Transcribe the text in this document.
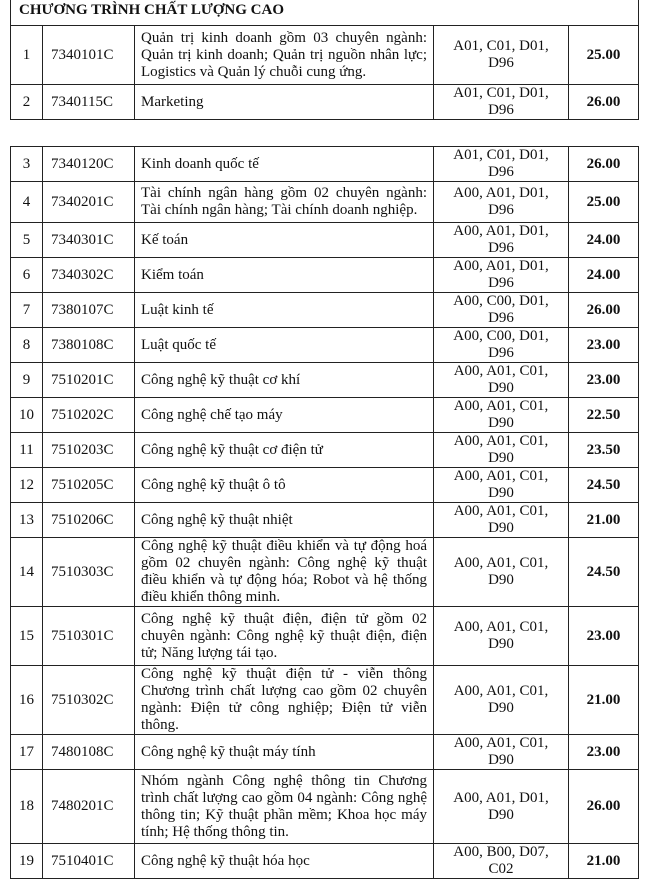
CHƯƠNG TRÌNH CHẤT LƯỢNG CAO				
1	7340101C	Quản trị kinh doanh gồm 03 chuyên ngành: Quản trị kinh doanh; Quản trị nguồn nhân lực; Logistics và Quản lý chuỗi cung ứng.	A01, C01, D01, D96	25.00
2	7340115C	Marketing	A01, C01, D01, D96	26.00
3	7340120C	Kinh doanh quốc tế	A01, C01, D01, D96	26.00
4	7340201C	Tài chính ngân hàng gồm 02 chuyên ngành: Tài chính ngân hàng; Tài chính doanh nghiệp.	A00, A01, D01, D96	25.00
5	7340301C	Kế toán	A00, A01, D01, D96	24.00
6	7340302C	Kiểm toán	A00, A01, D01, D96	24.00
7	7380107C	Luật kinh tế	A00, C00, D01, D96	26.00
8	7380108C	Luật quốc tế	A00, C00, D01, D96	23.00
9	7510201C	Công nghệ kỹ thuật cơ khí	A00, A01, C01, D90	23.00
10	7510202C	Công nghệ chế tạo máy	A00, A01, C01, D90	22.50
11	7510203C	Công nghệ kỹ thuật cơ điện tử	A00, A01, C01, D90	23.50
12	7510205C	Công nghệ kỹ thuật ô tô	A00, A01, C01, D90	24.50
13	7510206C	Công nghệ kỹ thuật nhiệt	A00, A01, C01, D90	21.00
14	7510303C	Công nghệ kỹ thuật điều khiển và tự động hoá gồm 02 chuyên ngành: Công nghệ kỹ thuật điều khiển và tự động hóa; Robot và hệ thống điều khiển thông minh.	A00, A01, C01, D90	24.50
15	7510301C	Công nghệ kỹ thuật điện, điện tử gồm 02 chuyên ngành: Công nghệ kỹ thuật điện, điện tử; Năng lượng tái tạo.	A00, A01, C01, D90	23.00
16	7510302C	Công nghệ kỹ thuật điện tử - viễn thông Chương trình chất lượng cao gồm 02 chuyên ngành: Điện tử công nghiệp; Điện tử viễn thông.	A00, A01, C01, D90	21.00
17	7480108C	Công nghệ kỹ thuật máy tính	A00, A01, C01, D90	23.00
18	7480201C	Nhóm ngành Công nghệ thông tin Chương trình chất lượng cao gồm 04 ngành: Công nghệ thông tin; Kỹ thuật phần mềm; Khoa học máy tính; Hệ thống thông tin.	A00, A01, D01, D90	26.00
19	7510401C	Công nghệ kỹ thuật hóa học	A00, B00, D07, C02	21.00
